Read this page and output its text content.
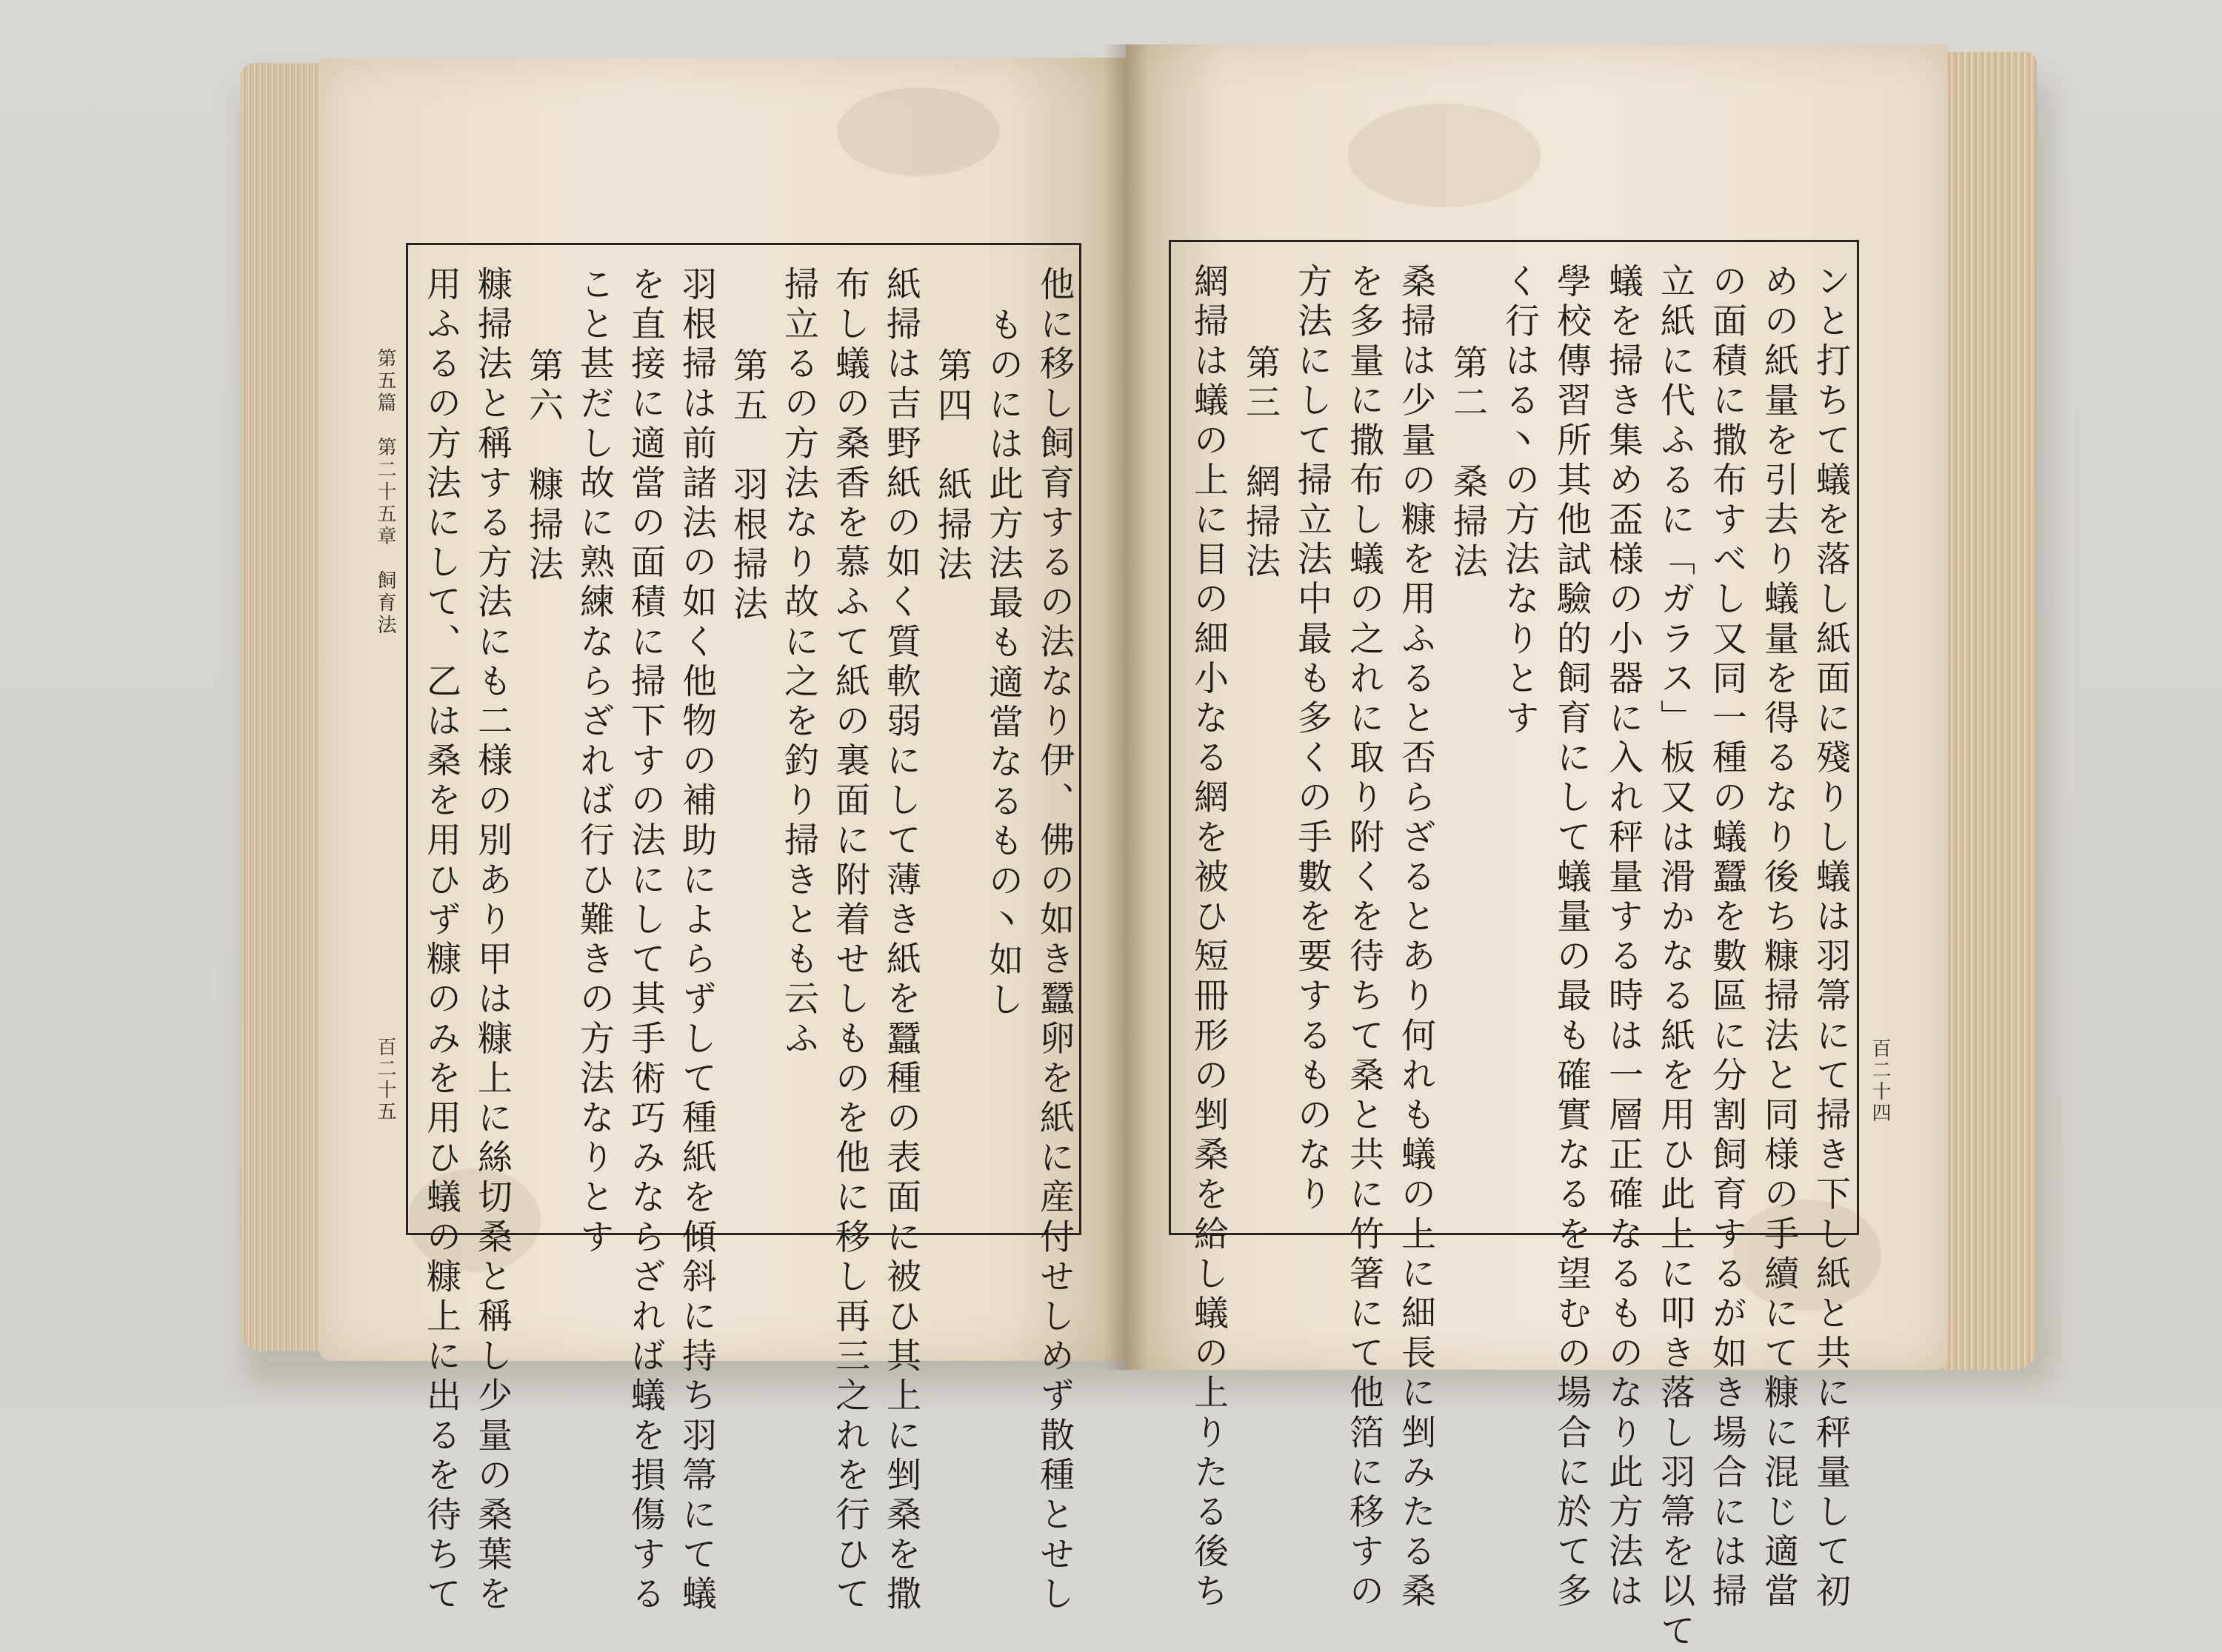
第五篇　第二十五章　飼育法
百二十五	百二十四
他に移し飼育するの法なり伊、佛の如き蠶卵を紙に産付せしめず散種とせし
ものには此方法最も適當なるもの丶如し
第四　紙掃法
紙掃は吉野紙の如く質軟弱にして薄き紙を蠶種の表面に被ひ其上に剉桑を撒
布し蟻の桑香を慕ふて紙の裏面に附着せしものを他に移し再三之れを行ひて
掃立るの方法なり故に之を釣り掃きとも云ふ
第五　羽根掃法
羽根掃は前諸法の如く他物の補助によらずして種紙を傾斜に持ち羽箒にて蟻
を直接に適當の面積に掃下すの法にして其手術巧みならざれば蟻を損傷する
こと甚だし故に熟練ならざれば行ひ難きの方法なりとす
第六　糠掃法
糠掃法と稱する方法にも二様の別あり甲は糠上に絲切桑と稱し少量の桑葉を
用ふるの方法にして、乙は桑を用ひず糠のみを用ひ蟻の糠上に出るを待ちて	ンと打ちて蟻を落し紙面に殘りし蟻は羽箒にて掃き下し紙と共に秤量して初
めの紙量を引去り蟻量を得るなり後ち糠掃法と同様の手續にて糠に混じ適當
の面積に撒布すべし又同一種の蟻蠶を數區に分割飼育するが如き場合には掃
立紙に代ふるに「ガラス」板又は滑かなる紙を用ひ此上に叩き落し羽箒を以て
蟻を掃き集め盃様の小器に入れ秤量する時は一層正確なるものなり此方法は
學校傳習所其他試驗的飼育にして蟻量の最も確實なるを望むの場合に於て多
く行はる丶の方法なりとす
第二　桑掃法
桑掃は少量の糠を用ふると否らざるとあり何れも蟻の上に細長に剉みたる桑
を多量に撒布し蟻の之れに取り附くを待ちて桑と共に竹箸にて他箔に移すの
方法にして掃立法中最も多くの手數を要するものなり
第三　網掃法
網掃は蟻の上に目の細小なる網を被ひ短冊形の剉桑を給し蟻の上りたる後ち
